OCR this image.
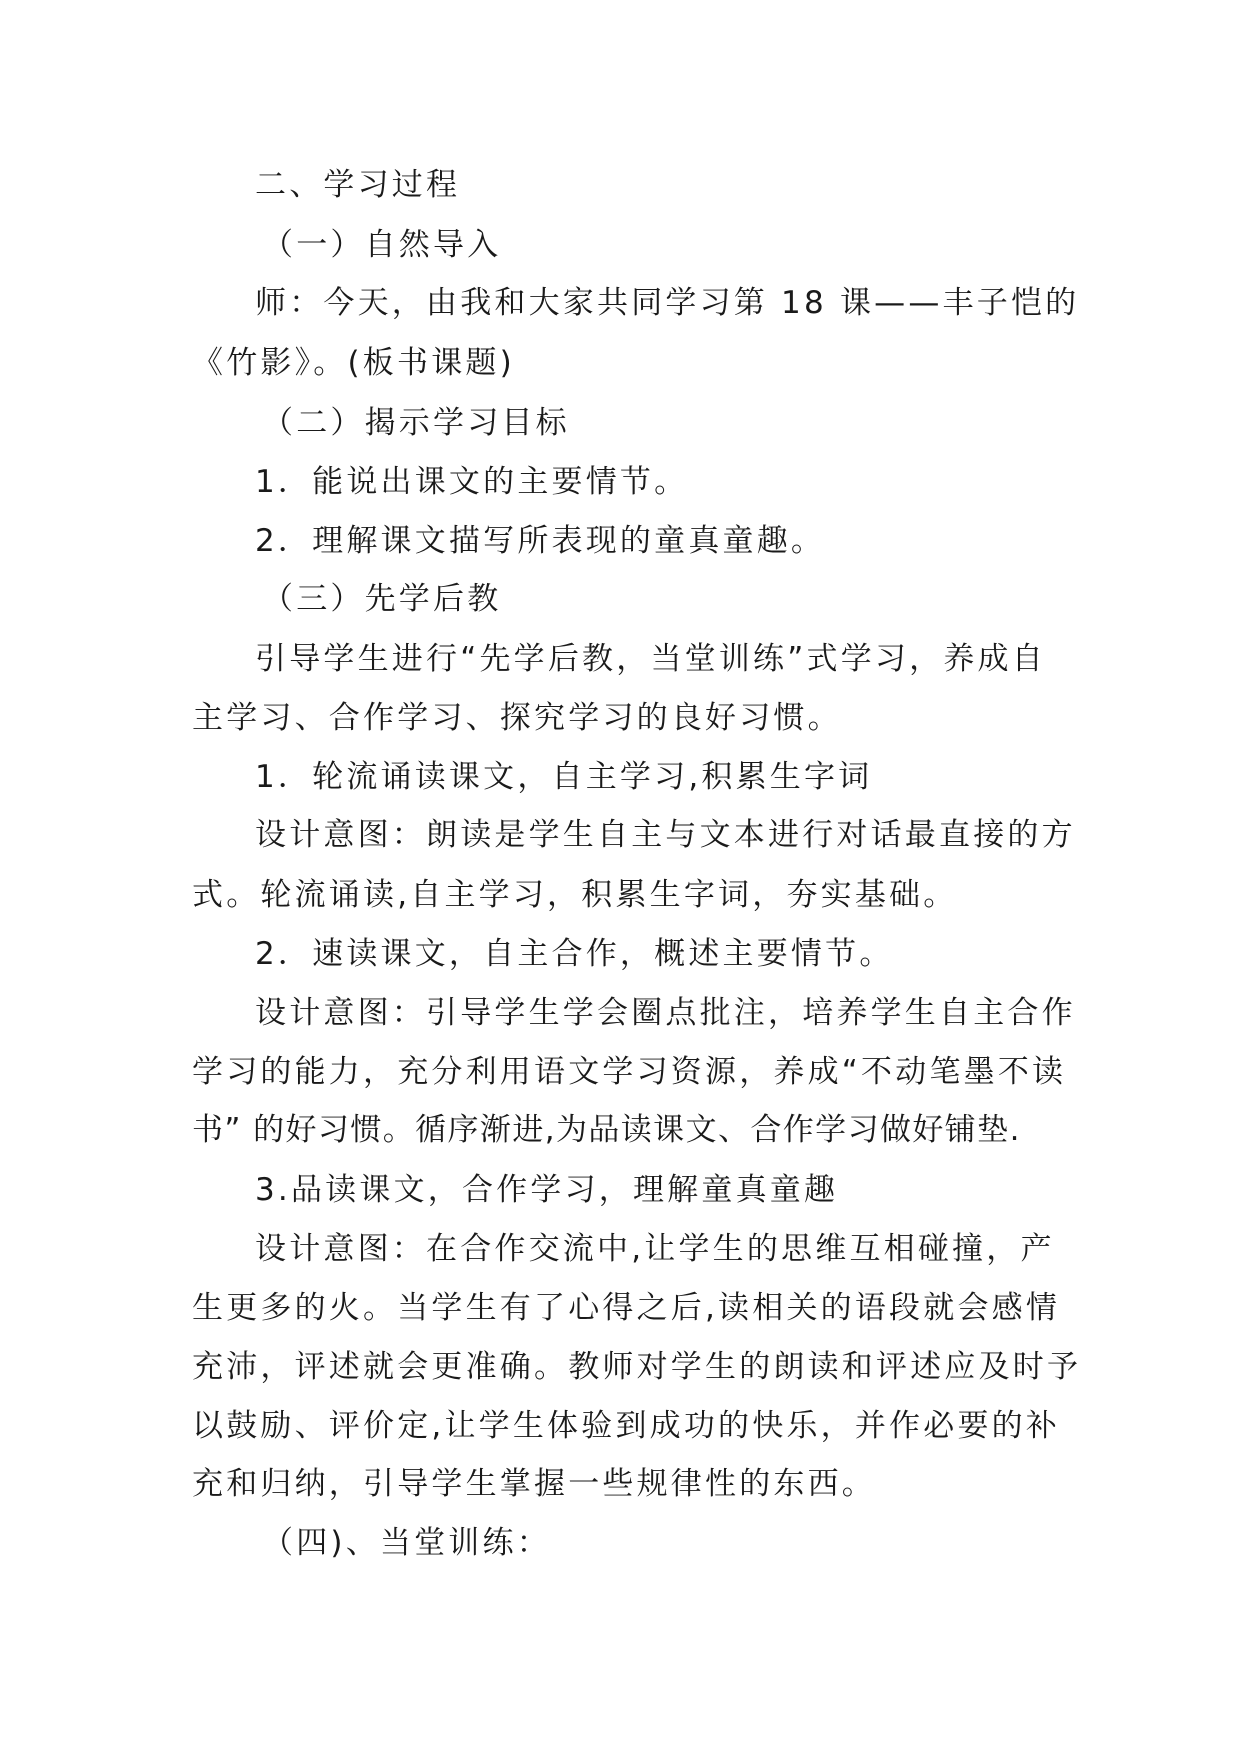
二、学习过程
（一）自然导入

师：今天，由我和大家共同学习第 18 课——丰子恺的

《竹影》。(板书课题)

（二）揭示学习目标

1．能说出课文的主要情节。

2．理解课文描写所表现的童真童趣。

（三）先学后教

引导学生进行“先学后教，当堂训练”式学习，养成自

主学习、合作学习、探究学习的良好习惯。

1．轮流诵读课文，自主学习,积累生字词

设计意图：朗读是学生自主与文本进行对话最直接的方

式。轮流诵读,自主学习，积累生字词，夯实基础。

2．速读课文，自主合作，概述主要情节。

设计意图：引导学生学会圈点批注，培养学生自主合作

学习的能力，充分利用语文学习资源，养成“不动笔墨不读

书” 的好习惯。循序渐进,为品读课文、合作学习做好铺垫.

3.品读课文，合作学习，理解童真童趣

设计意图：在合作交流中,让学生的思维互相碰撞，产

生更多的火。当学生有了心得之后,读相关的语段就会感情

充沛，评述就会更准确。教师对学生的朗读和评述应及时予

以鼓励、评价定,让学生体验到成功的快乐，并作必要的补

充和归纳，引导学生掌握一些规律性的东西。

（四)、当堂训练：
